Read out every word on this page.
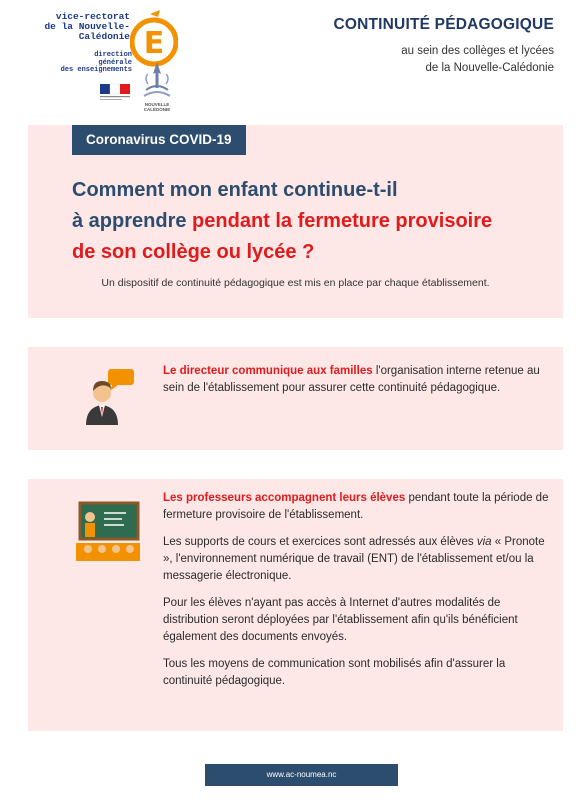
vice-rectorat
de la Nouvelle-Calédonie E
direction
générale
des enseignements
NOUVELLE CALÉDONIE
CONTINUITÉ PÉDAGOGIQUE
au sein des collèges et lycées
de la Nouvelle-Calédonie
Coronavirus COVID-19
Comment mon enfant continue-t-il
à apprendre pendant la fermeture provisoire
de son collège ou lycée ?
Un dispositif de continuité pédagogique est mis en place par chaque établissement.

Le directeur communique aux familles l'organisation interne retenue au sein de l'établissement pour assurer cette continuité pédagogique.

Les professeurs accompagnent leurs élèves pendant toute la période de fermeture provisoire de l'établissement.

Les supports de cours et exercices sont adressés aux élèves via « Pronote », l'environnement numérique de travail (ENT) de l'établissement et/ou la messagerie électronique.

Pour les élèves n'ayant pas accès à Internet d'autres modalités de distribution seront déployées par l'établissement afin qu'ils bénéficient également des documents envoyés.

Tous les moyens de communication sont mobilisés afin d'assurer la continuité pédagogique.

www.ac-noumea.nc
